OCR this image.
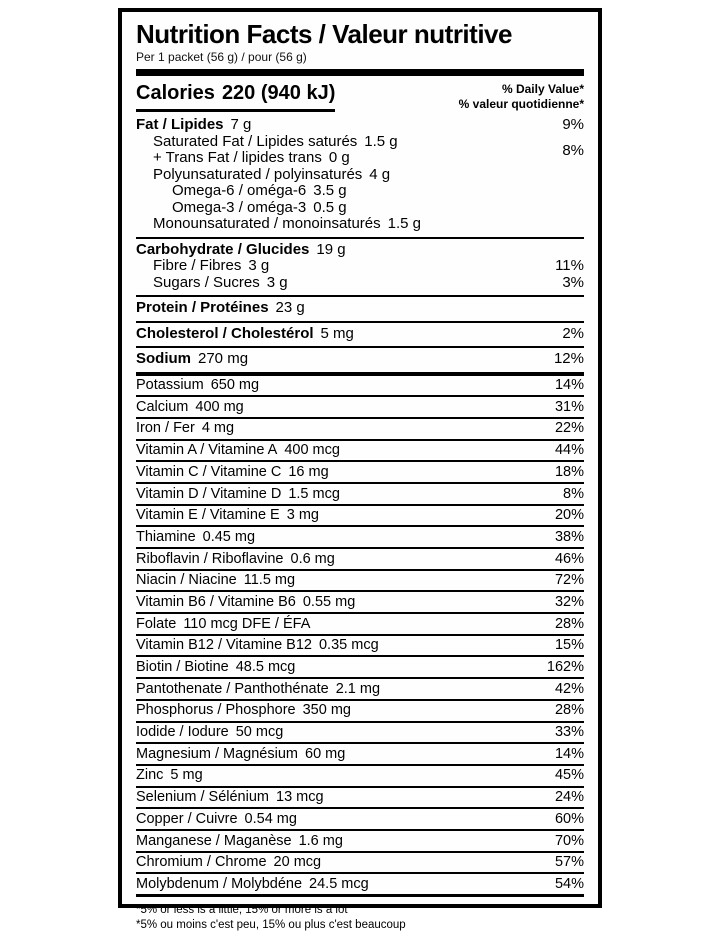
Nutrition Facts / Valeur nutritive
Per 1 packet (56 g) / pour (56 g)
Calories 220 (940 kJ)	% Daily Value*
% valeur quotidienne*
Fat / Lipides 7 g	9%
Saturated Fat / Lipides saturés 1.5 g
+ Trans Fat / lipides trans 0 g	8%
Polyunsaturated / polyinsaturés 4 g
Omega-6 / oméga-6 3.5 g
Omega-3 / oméga-3 0.5 g
Monounsaturated / monoinsaturés 1.5 g
Carbohydrate / Glucides 19 g
Fibre / Fibres 3 g	11%
Sugars / Sucres 3 g	3%
Protein / Protéines 23 g
Cholesterol / Cholestérol 5 mg	2%
Sodium 270 mg	12%
Potassium 650 mg	14%
Calcium 400 mg	31%
Iron / Fer 4 mg	22%
Vitamin A / Vitamine A 400 mcg	44%
Vitamin C / Vitamine C 16 mg	18%
Vitamin D / Vitamine D 1.5 mcg	8%
Vitamin E / Vitamine E 3 mg	20%
Thiamine 0.45 mg	38%
Riboflavin / Riboflavine 0.6 mg	46%
Niacin / Niacine 11.5 mg	72%
Vitamin B6 / Vitamine B6 0.55 mg	32%
Folate 110 mcg DFE / ÉFA	28%
Vitamin B12 / Vitamine B12 0.35 mcg	15%
Biotin / Biotine 48.5 mcg	162%
Pantothenate / Panthothénate 2.1 mg	42%
Phosphorus / Phosphore 350 mg	28%
Iodide / Iodure 50 mcg	33%
Magnesium / Magnésium 60 mg	14%
Zinc 5 mg	45%
Selenium / Sélénium 13 mcg	24%
Copper / Cuivre 0.54 mg	60%
Manganese / Maganèse 1.6 mg	70%
Chromium / Chrome 20 mcg	57%
Molybdenum / Molybdéne 24.5 mcg	54%
*5% or less is a little, 15% or more is a lot
*5% ou moins c'est peu, 15% ou plus c'est beaucoup
